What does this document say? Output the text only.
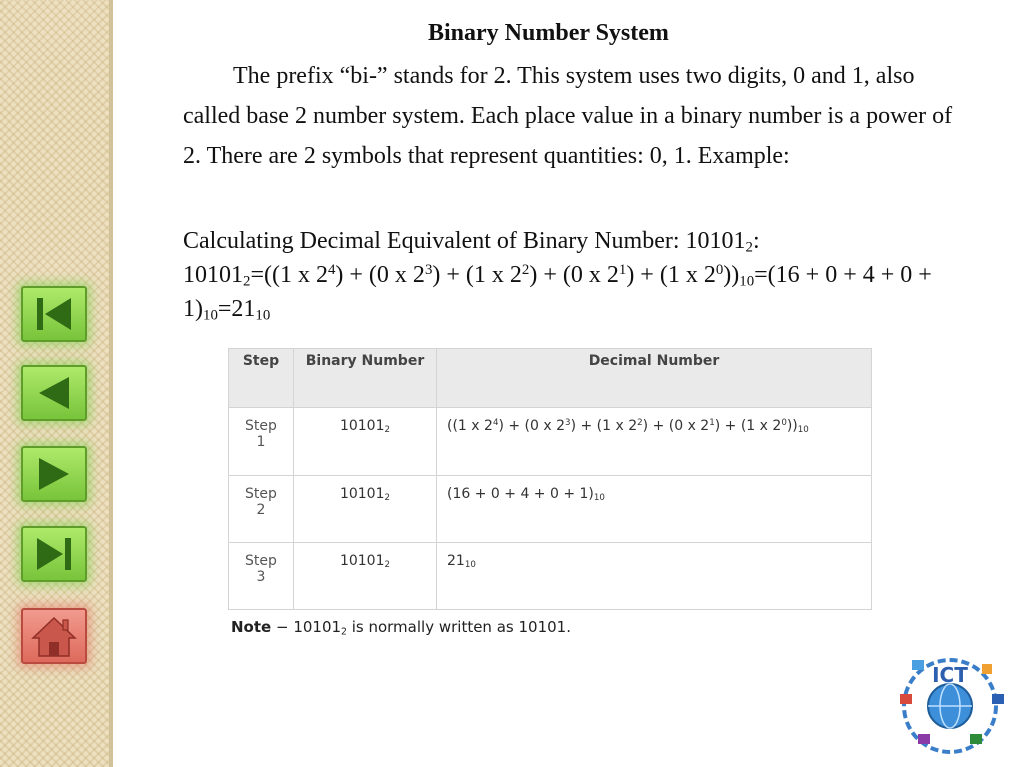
Binary Number System
The prefix “bi-” stands for 2. This system uses two digits, 0 and 1, also called base 2 number system. Each place value in a binary number is a power of 2. There are 2 symbols that represent quantities: 0, 1. Example:
Calculating Decimal Equivalent of Binary Number: $10101_2$:
$10101_2=((1$ x $2^4) + (0$ x $2^3) + (1$ x $2^2) + (0$ x $2^1) + (1$ x $2^0))_{10}=(16 + 0 + 4 + 0 + 1)_{10}=21_{10}$
Step	Binary Number	Decimal Number
Step 1	$10101_2$	((1 x $2^4) + (0$ x $2^3) + (1$ x $2^2) + (0$ x $2^1) + (1$ x $2^0))_{10}$
Step 2	$10101_2$	$(16 + 0 + 4 + 0 + 1)_{10}$
Step 3	$10101_2$	$21_{10}$
Note − $10101_2$ is normally written as 10101.
ICT
